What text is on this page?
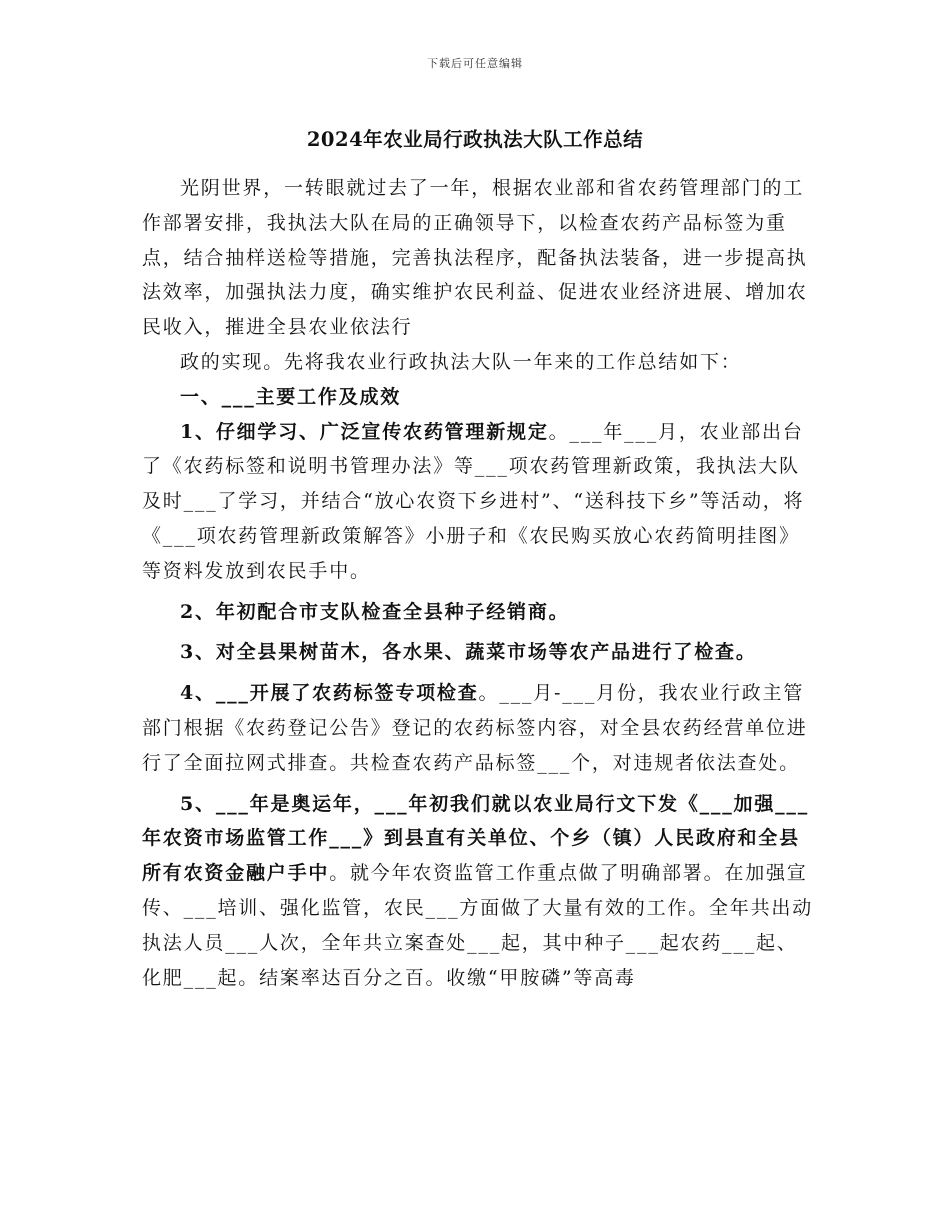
下载后可任意编辑
2024年农业局行政执法大队工作总结

光阴世界，一转眼就过去了一年，根据农业部和省农药管理部门的工作部署安排，我执法大队在局的正确领导下，以检查农药产品标签为重点，结合抽样送检等措施，完善执法程序，配备执法装备，进一步提高执法效率，加强执法力度，确实维护农民利益、促进农业经济进展、增加农民收入，摧进全县农业依法行

政的实现。先将我农业行政执法大队一年来的工作总结如下：

一、___主要工作及成效

1、仔细学习、广泛宣传农药管理新规定。___年___月，农业部出台了《农药标签和说明书管理办法》等___项农药管理新政策，我执法大队及时___了学习，并结合“放心农资下乡进村”、“送科技下乡”等活动，将《___项农药管理新政策解答》小册子和《农民购买放心农药简明挂图》等资料发放到农民手中。

2、年初配合市支队检查全县种子经销商。

3、对全县果树苗木，各水果、蔬菜市场等农产品进行了检查。

4、___开展了农药标签专项检查。___月-___月份，我农业行政主管部门根据《农药登记公告》登记的农药标签内容，对全县农药经营单位进行了全面拉网式排查。共检查农药产品标签___个，对违规者依法查处。

5、___年是奥运年，___年初我们就以农业局行文下发《___加强___年农资市场监管工作___》到县直有关单位、个乡（镇）人民政府和全县所有农资金融户手中。就今年农资监管工作重点做了明确部署。在加强宣传、___培训、强化监管，农民___方面做了大量有效的工作。全年共出动执法人员___人次，全年共立案查处___起，其中种子___起农药___起、化肥___起。结案率达百分之百。收缴“甲胺磷”等高毒
